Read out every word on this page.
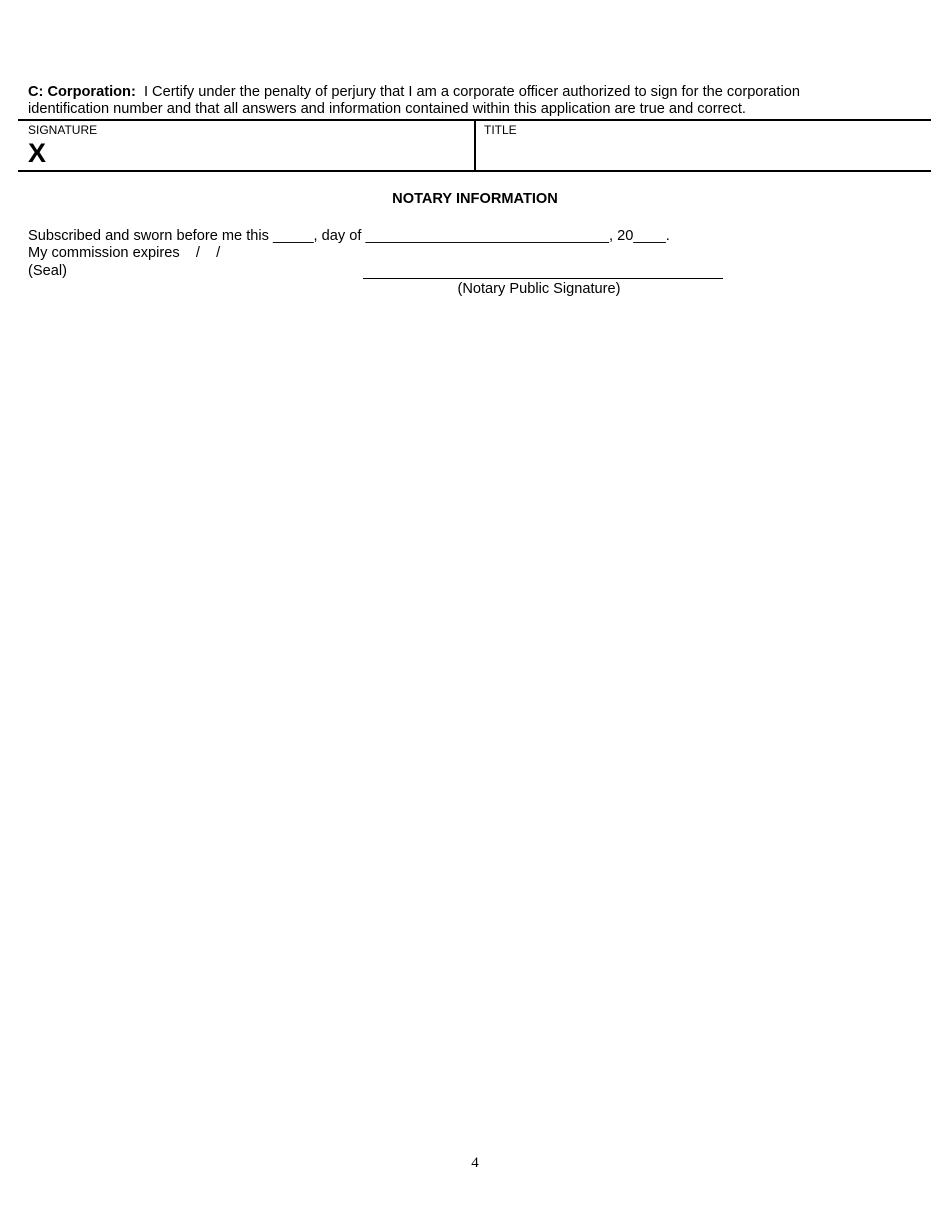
C: Corporation: I Certify under the penalty of perjury that I am a corporate officer authorized to sign for the corporation
identification number and that all answers and information contained within this application are true and correct.
SIGNATURE
X
TITLE
NOTARY INFORMATION
Subscribed and sworn before me this _____, day of ______________________________, 20____.
My commission expires    /    /
(Seal)
(Notary Public Signature)
4
